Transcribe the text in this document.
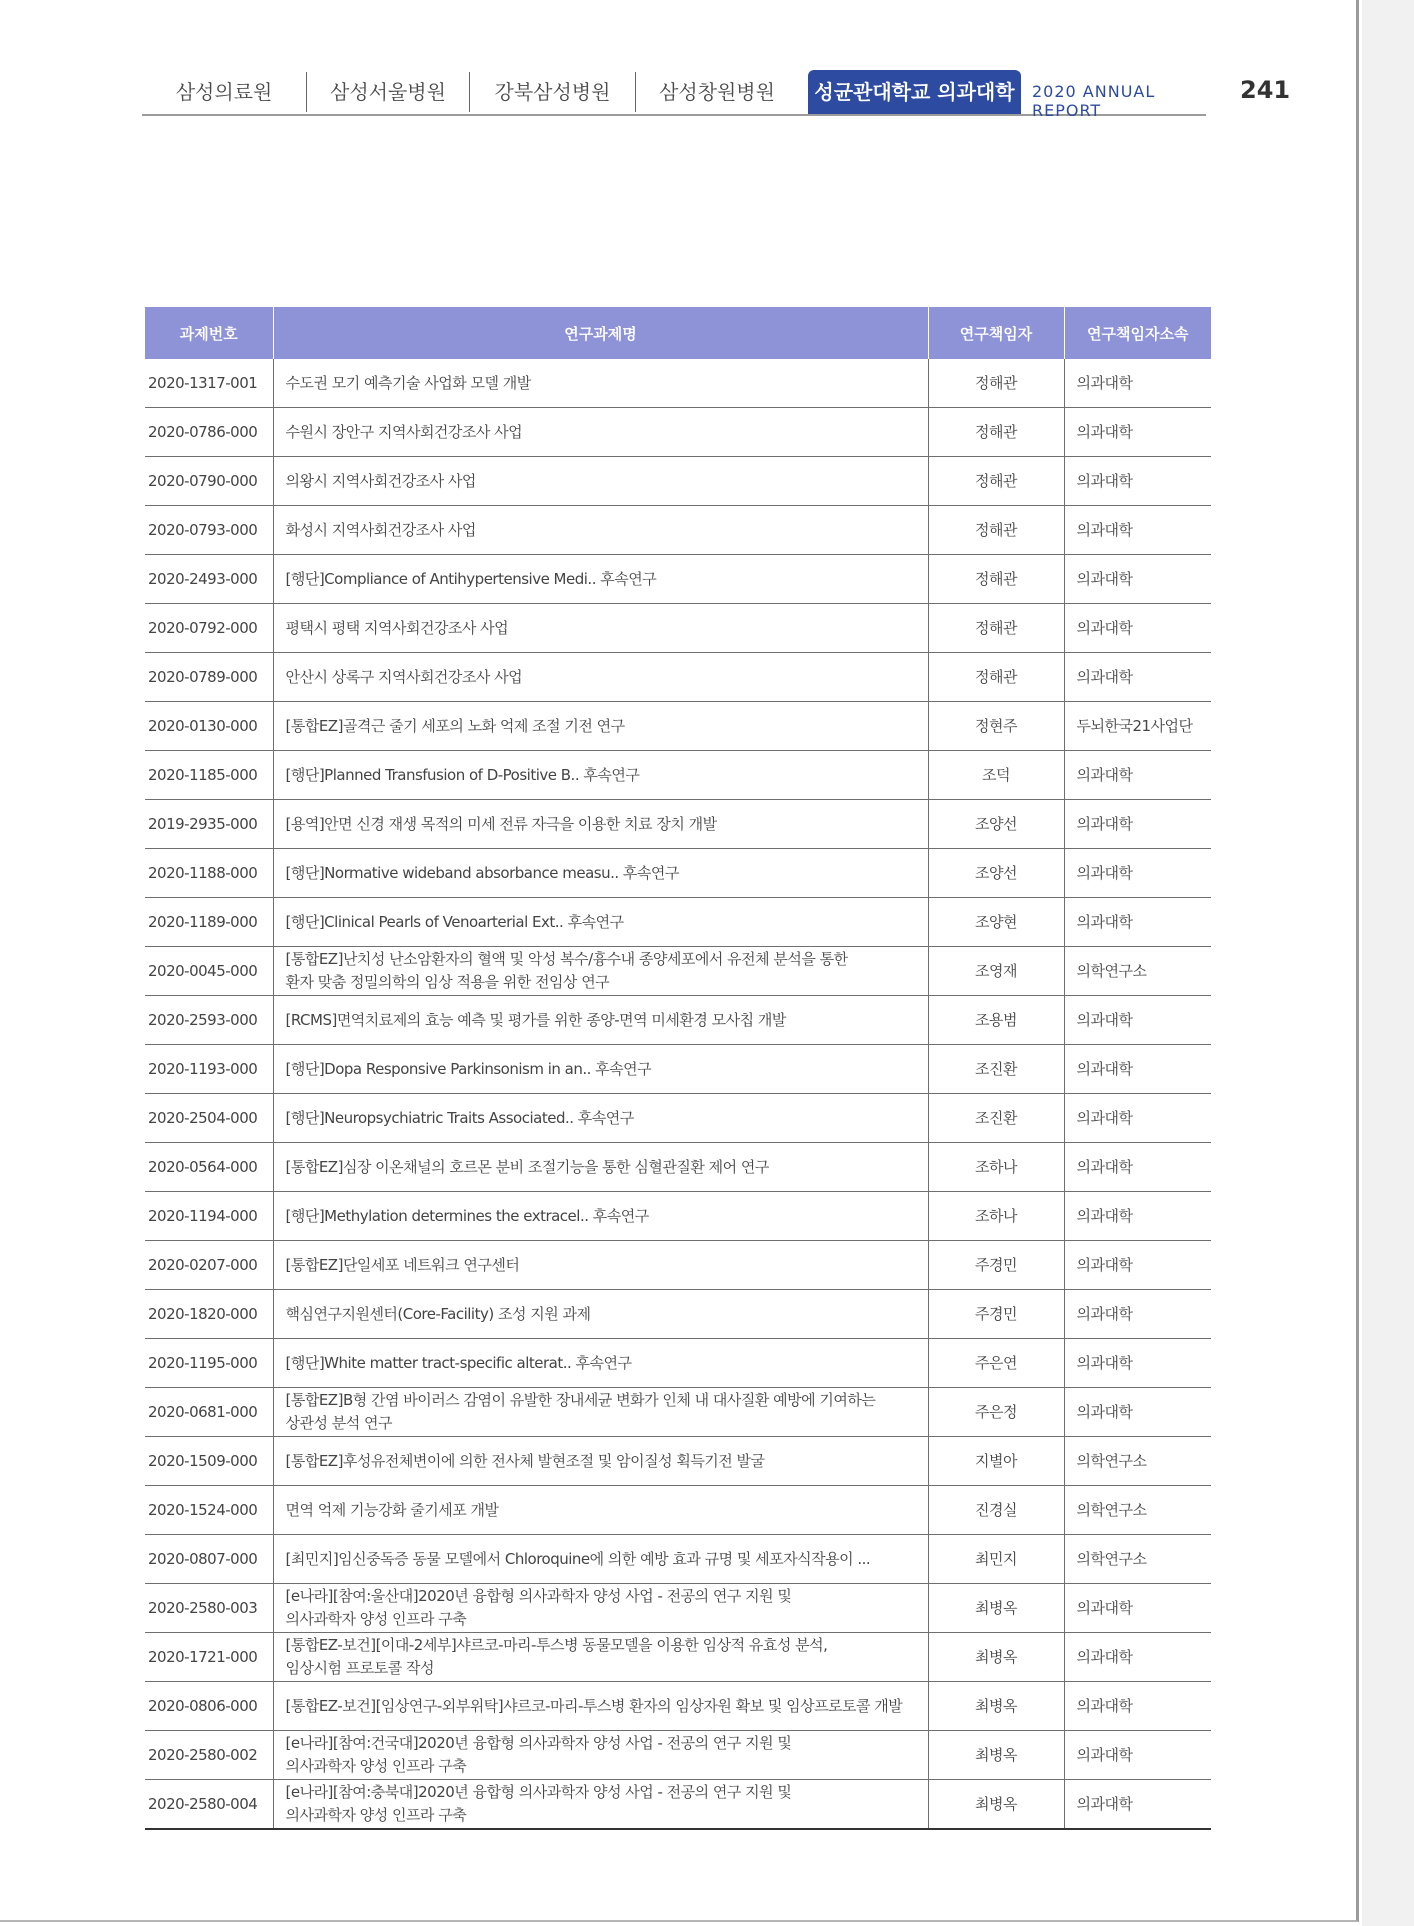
삼성의료원	삼성서울병원	강북삼성병원	삼성창원병원	성균관대학교 의과대학	2020 ANNUAL REPORT
241
과제번호	연구과제명	연구책임자	연구책임자소속
2020-1317-001	수도권 모기 예측기술 사업화 모델 개발	정해관	의과대학
2020-0786-000	수원시 장안구 지역사회건강조사 사업	정해관	의과대학
2020-0790-000	의왕시 지역사회건강조사 사업	정해관	의과대학
2020-0793-000	화성시 지역사회건강조사 사업	정해관	의과대학
2020-2493-000	[행단]Compliance of Antihypertensive Medi.. 후속연구	정해관	의과대학
2020-0792-000	평택시 평택 지역사회건강조사 사업	정해관	의과대학
2020-0789-000	안산시 상록구 지역사회건강조사 사업	정해관	의과대학
2020-0130-000	[통합EZ]골격근 줄기 세포의 노화 억제 조절 기전 연구	정현주	두뇌한국21사업단
2020-1185-000	[행단]Planned Transfusion of D-Positive B.. 후속연구	조덕	의과대학
2019-2935-000	[용역]안면 신경 재생 목적의 미세 전류 자극을 이용한 치료 장치 개발	조양선	의과대학
2020-1188-000	[행단]Normative wideband absorbance measu.. 후속연구	조양선	의과대학
2020-1189-000	[행단]Clinical Pearls of Venoarterial Ext.. 후속연구	조양현	의과대학
2020-0045-000	[통합EZ]난치성 난소암환자의 혈액 및 악성 복수/흉수내 종양세포에서 유전체 분석을 통한
환자 맞춤 정밀의학의 임상 적용을 위한 전임상 연구	조영재	의학연구소
2020-2593-000	[RCMS]면역치료제의 효능 예측 및 평가를 위한 종양-면역 미세환경 모사칩 개발	조용범	의과대학
2020-1193-000	[행단]Dopa Responsive Parkinsonism in an.. 후속연구	조진환	의과대학
2020-2504-000	[행단]Neuropsychiatric Traits Associated.. 후속연구	조진환	의과대학
2020-0564-000	[통합EZ]심장 이온채널의 호르몬 분비 조절기능을 통한 심혈관질환 제어 연구	조하나	의과대학
2020-1194-000	[행단]Methylation determines the extracel.. 후속연구	조하나	의과대학
2020-0207-000	[통합EZ]단일세포 네트워크 연구센터	주경민	의과대학
2020-1820-000	핵심연구지원센터(Core-Facility) 조성 지원 과제	주경민	의과대학
2020-1195-000	[행단]White matter tract-specific alterat.. 후속연구	주은연	의과대학
2020-0681-000	[통합EZ]B형 간염 바이러스 감염이 유발한 장내세균 변화가 인체 내 대사질환 예방에 기여하는
상관성 분석 연구	주은정	의과대학
2020-1509-000	[통합EZ]후성유전체변이에 의한 전사체 발현조절 및 암이질성 획득기전 발굴	지별아	의학연구소
2020-1524-000	면역 억제 기능강화 줄기세포 개발	진경실	의학연구소
2020-0807-000	[최민지]임신중독증 동물 모델에서 Chloroquine에 의한 예방 효과 규명 및 세포자식작용이 ...	최민지	의학연구소
2020-2580-003	[e나라][참여:울산대]2020년 융합형 의사과학자 양성 사업 - 전공의 연구 지원 및
의사과학자 양성 인프라 구축	최병옥	의과대학
2020-1721-000	[통합EZ-보건][이대-2세부]샤르코-마리-투스병 동물모델을 이용한 임상적 유효성 분석,
임상시험 프로토콜 작성	최병옥	의과대학
2020-0806-000	[통합EZ-보건][임상연구-외부위탁]샤르코-마리-투스병 환자의 임상자원 확보 및 임상프로토콜 개발	최병옥	의과대학
2020-2580-002	[e나라][참여:건국대]2020년 융합형 의사과학자 양성 사업 - 전공의 연구 지원 및
의사과학자 양성 인프라 구축	최병옥	의과대학
2020-2580-004	[e나라][참여:충북대]2020년 융합형 의사과학자 양성 사업 - 전공의 연구 지원 및
의사과학자 양성 인프라 구축	최병옥	의과대학
